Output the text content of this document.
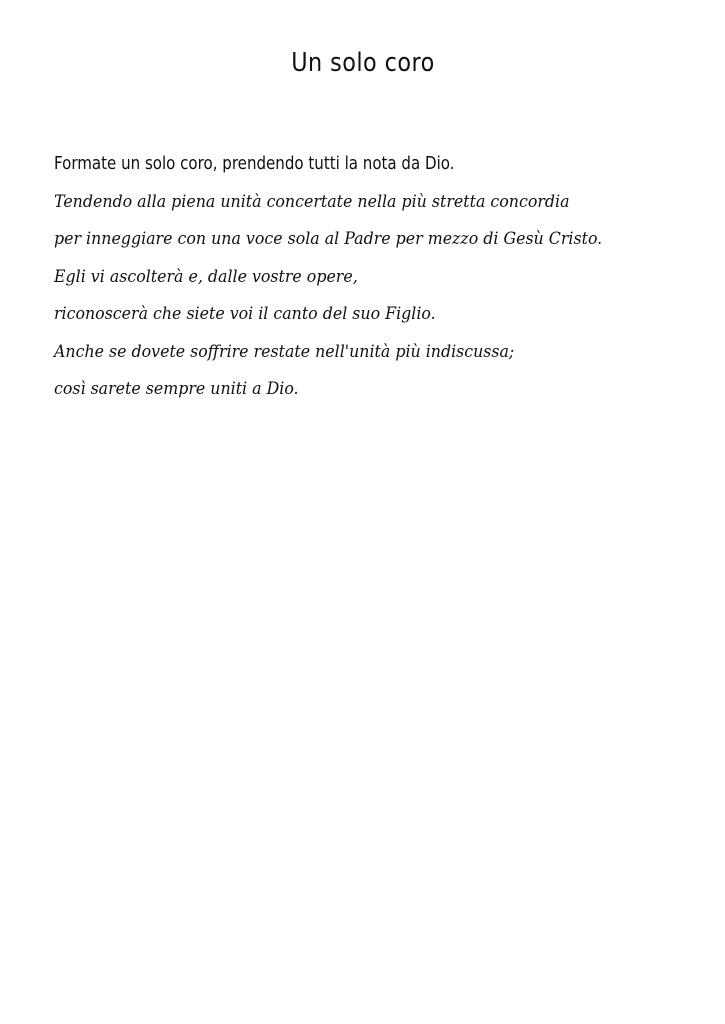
Un solo coro
Formate un solo coro, prendendo tutti la nota da Dio.
Tendendo alla piena unità concertate nella più stretta concordia
per inneggiare con una voce sola al Padre per mezzo di Gesù Cristo.
Egli vi ascolterà e, dalle vostre opere,
riconoscerà che siete voi il canto del suo Figlio.
Anche se dovete soffrire restate nell'unità più indiscussa;
così sarete sempre uniti a Dio.
